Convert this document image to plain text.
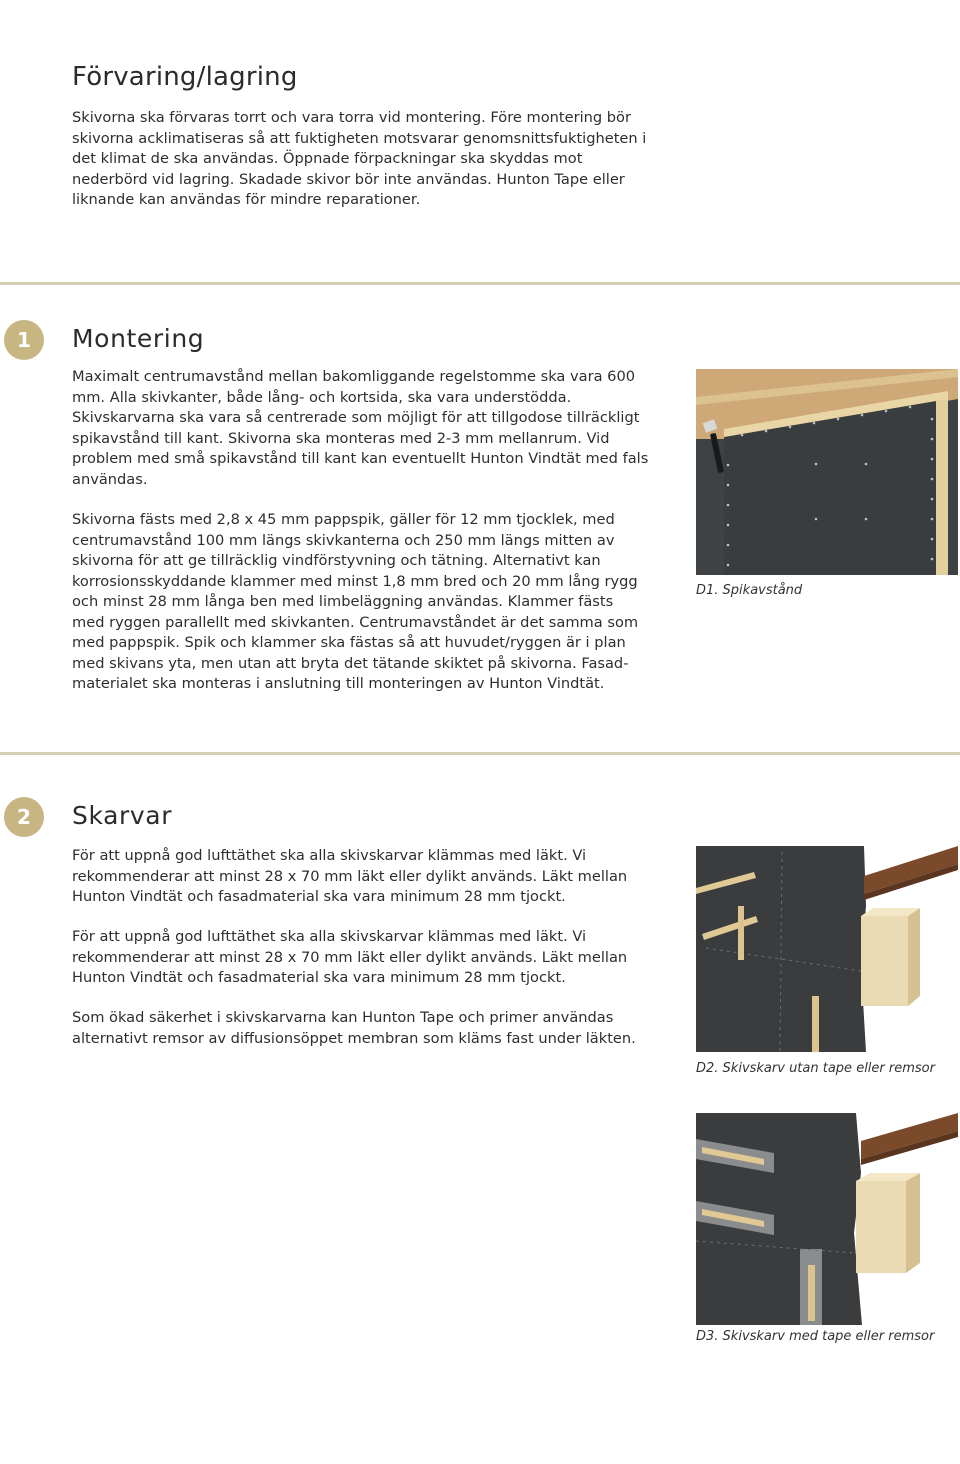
Förvaring/lagring

Skivorna ska förvaras torrt och vara torra vid montering. Före montering bör skivorna acklimatiseras så att fuktigheten motsvarar genomsnittsfuktigheten i det klimat de ska användas. Öppnade förpackningar ska skyddas mot nederbörd vid lagring. Skadade skivor bör inte användas. Hunton Tape eller liknande kan användas för mindre reparationer.

1	Montering

Maximalt centrumavstånd mellan bakomliggande regelstomme ska vara 600 mm. Alla skivkanter, både lång- och kortsida, ska vara understödda. Skivskarvarna ska vara så centrerade som möjligt för att tillgodose tillräckligt spikavstånd till kant. Skivorna ska monteras med 2-3 mm mellanrum. Vid problem med små spikavstånd till kant kan eventuellt Hunton Vindtät med fals användas.

Skivorna fästs med 2,8 x 45 mm pappspik, gäller för 12 mm tjocklek, med centrumavstånd 100 mm längs skivkanterna och 250 mm längs mitten av skivorna för att ge tillräcklig vindförstyvning och tätning. Alternativt kan korrosionsskyddande klammer med minst 1,8 mm bred och 20 mm lång rygg och minst 28 mm långa ben med limbeläggning användas. Klammer fästs med ryggen parallellt med skivkanten. Centrumavståndet är det samma som med pappspik. Spik och klammer ska fästas så att huvudet/ryggen är i plan med skivans yta, men utan att bryta det tätande skiktet på skivorna. Fasad-materialet ska monteras i anslutning till monteringen av Hunton Vindtät.

D1. Spikavstånd

2	Skarvar

För att uppnå god lufttäthet ska alla skivskarvar klämmas med läkt. Vi rekommenderar att minst 28 x 70 mm läkt eller dylikt används. Läkt mellan Hunton Vindtät och fasadmaterial ska vara minimum 28 mm tjockt.

För att uppnå god lufttäthet ska alla skivskarvar klämmas med läkt. Vi rekommenderar att minst 28 x 70 mm läkt eller dylikt används. Läkt mellan Hunton Vindtät och fasadmaterial ska vara minimum 28 mm tjockt.

Som ökad säkerhet i skivskarvarna kan Hunton Tape och primer användas alternativt remsor av diffusionsöppet membran som kläms fast under läkten.

D2. Skivskarv utan tape eller remsor

D3. Skivskarv med tape eller remsor
